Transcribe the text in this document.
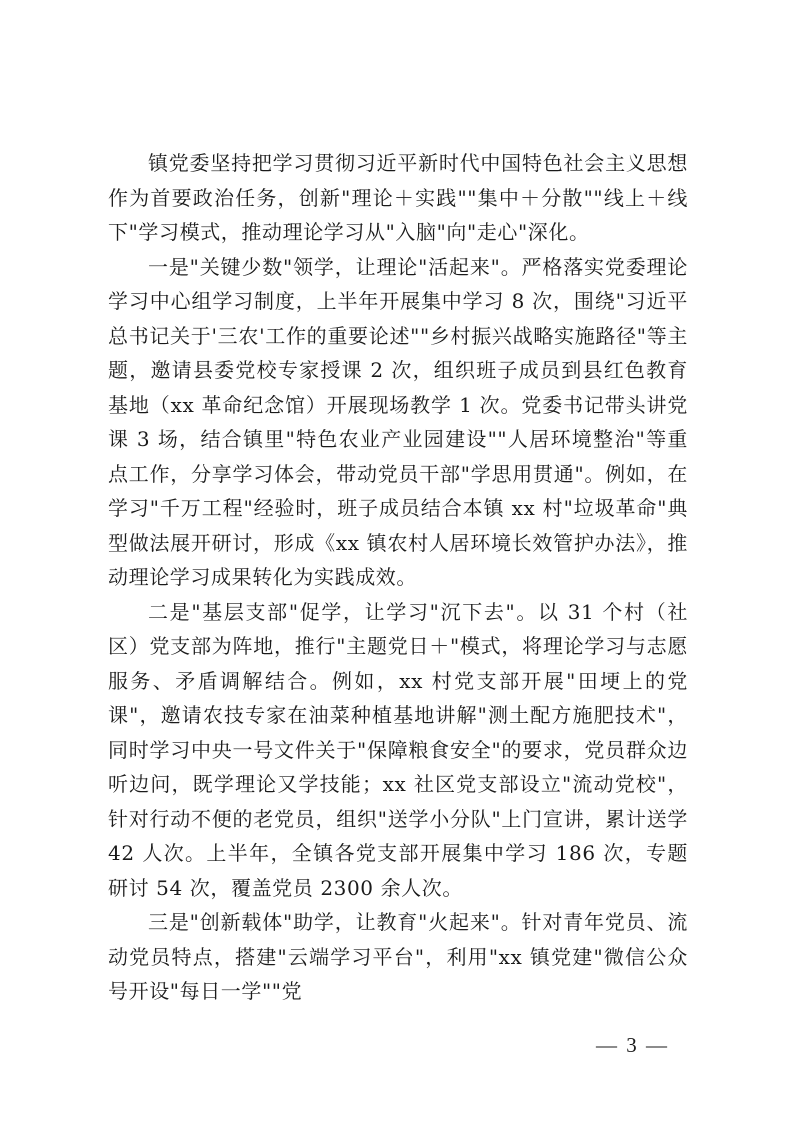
镇党委坚持把学习贯彻习近平新时代中国特色社会主义思想作为首要政治任务，创新"理论＋实践""集中＋分散""线上＋线下"学习模式，推动理论学习从"入脑"向"走心"深化。

一是"关键少数"领学，让理论"活起来"。严格落实党委理论学习中心组学习制度，上半年开展集中学习 8 次，围绕"习近平总书记关于'三农'工作的重要论述""乡村振兴战略实施路径"等主题，邀请县委党校专家授课 2 次，组织班子成员到县红色教育基地（xx 革命纪念馆）开展现场教学 1 次。党委书记带头讲党课 3 场，结合镇里"特色农业产业园建设""人居环境整治"等重点工作，分享学习体会，带动党员干部"学思用贯通"。例如，在学习"千万工程"经验时，班子成员结合本镇 xx 村"垃圾革命"典型做法展开研讨，形成《xx 镇农村人居环境长效管护办法》，推动理论学习成果转化为实践成效。

二是"基层支部"促学，让学习"沉下去"。以 31 个村（社区）党支部为阵地，推行"主题党日＋"模式，将理论学习与志愿服务、矛盾调解结合。例如，xx 村党支部开展"田埂上的党课"，邀请农技专家在油菜种植基地讲解"测土配方施肥技术"，同时学习中央一号文件关于"保障粮食安全"的要求，党员群众边听边问，既学理论又学技能；xx 社区党支部设立"流动党校"，针对行动不便的老党员，组织"送学小分队"上门宣讲，累计送学 42 人次。上半年，全镇各党支部开展集中学习 186 次，专题研讨 54 次，覆盖党员 2300 余人次。

三是"创新载体"助学，让教育"火起来"。针对青年党员、流动党员特点，搭建"云端学习平台"，利用"xx 镇党建"微信公众号开设"每日一学""党

— 3 —
